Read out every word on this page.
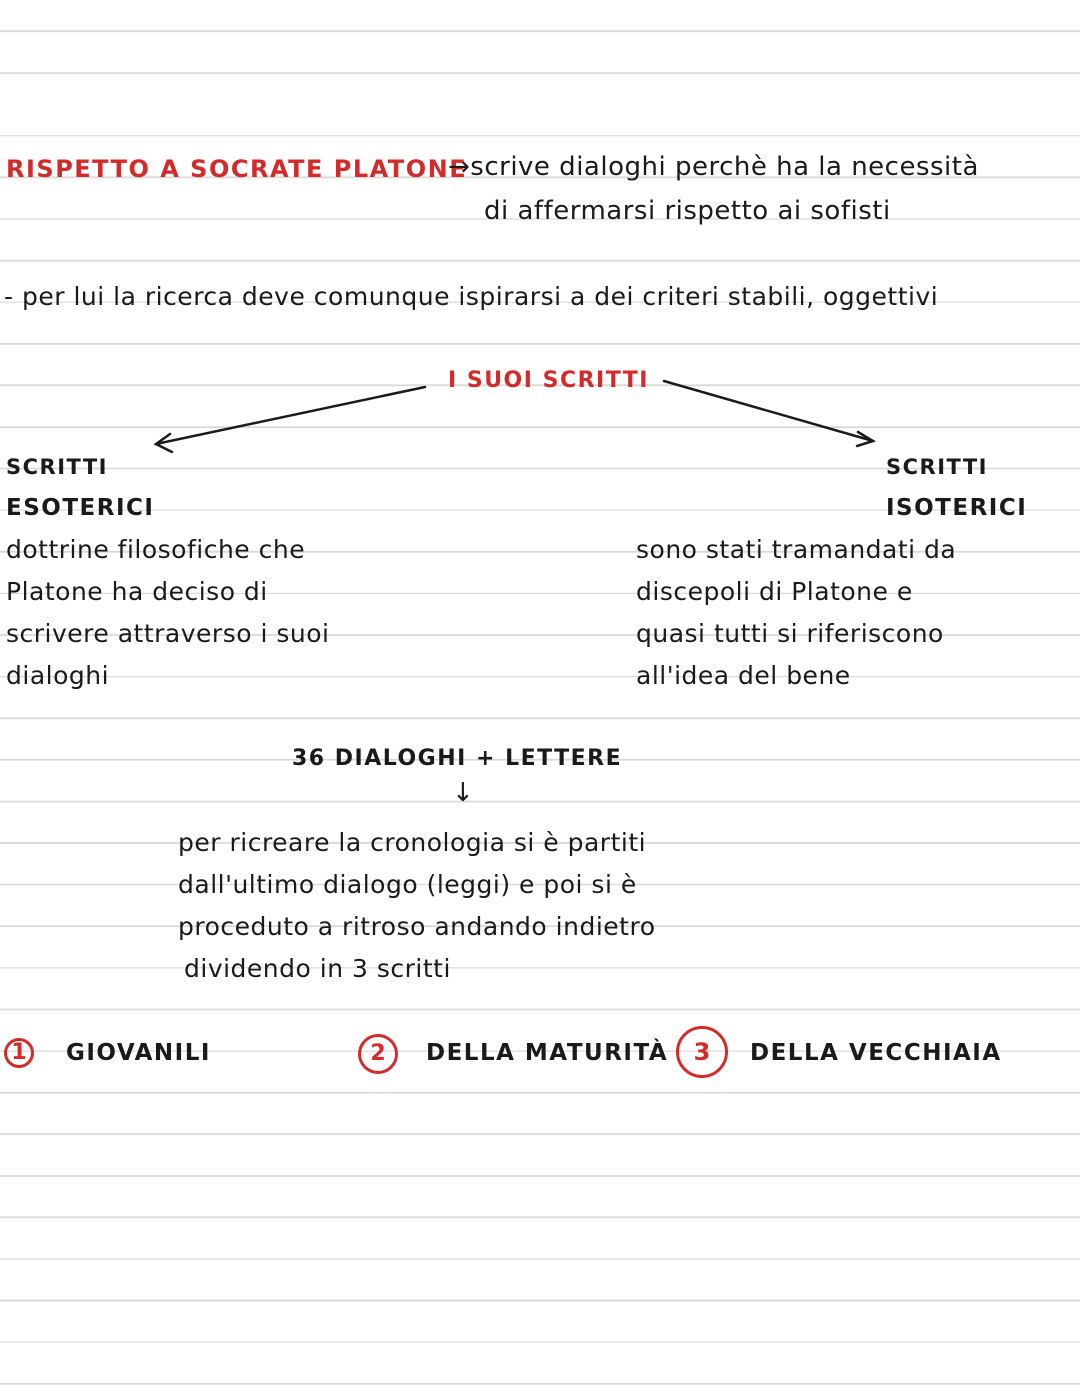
RISPETTO A SOCRATE PLATONE
→scrive dialoghi perchè ha la necessità
di affermarsi rispetto ai sofisti
- per lui la ricerca deve comunque ispirarsi a dei criteri stabili, oggettivi
I SUOI SCRITTI
SCRITTI
ESOTERICI
dottrine filosofiche che
Platone ha deciso di
scrivere attraverso i suoi
dialoghi
SCRITTI
ISOTERICI
sono stati tramandati da
discepoli di Platone e
quasi tutti si riferiscono
all'idea del bene
36 DIALOGHI + LETTERE
↓
per ricreare la cronologia si è partiti
dall'ultimo dialogo (leggi) e poi si è
proceduto a ritroso andando indietro
dividendo in 3 scritti
1	GIOVANILI	2	DELLA MATURITÀ	3	DELLA VECCHIAIA
